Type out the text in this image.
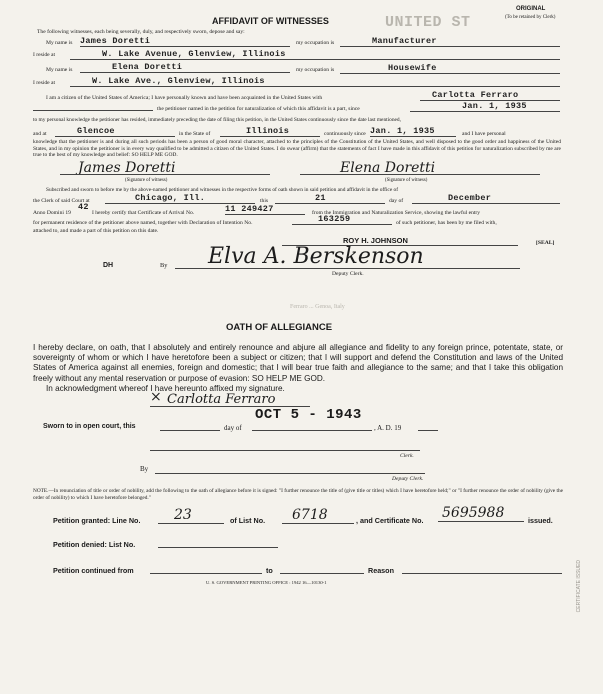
UNITED ST
ORIGINAL
(To be retained by Clerk)
AFFIDAVIT OF WITNESSES
The following witnesses, each being severally, duly, and respectively sworn, depose and say:
My name is James Doretti	my occupation is	Manufacturer
I reside at	W. Lake Avenue, Glenview, Illinois
My name is	Elena Doretti	my occupation is	Housewife
I reside at	W. Lake Ave., Glenview, Illinois
I am a citizen of the United States of America; I have personally known and have been acquainted in the United States with	Carlotta Ferraro
the petitioner named in the petition for naturalization of which this affidavit is a part, since	Jan. 1, 1935
to my personal knowledge the petitioner has resided, immediately preceding the date of filing this petition, in the United States continuously since the date last mentioned,
and at	Glencoe	in the State of	Illinois	continuously since Jan. 1, 1935	and I have personal
knowledge that the petitioner is and during all such periods has been a person of good moral character, attached to the principles of the Constitution of the United States, and well disposed to the good order and happiness of the United States, and in my opinion the petitioner is in every way qualified to be admitted a citizen of the United States. I do swear (affirm) that the statements of fact I have made in this affidavit of this petition for naturalization subscribed by me are true to the best of my knowledge and belief: SO HELP ME GOD.
James Doretti
(Signature of witness)
Elena Doretti
(Signature of witness)
Subscribed and sworn to before me by the above-named petitioner and witnesses in the respective forms of oath shown in said petition and affidavit in the office of
the Clerk of said Court at	Chicago, Ill.	this	21	day of	December
Anno Domini 19
42
I hereby certify that Certificate of Arrival No.	11 249427	from the Immigration and Naturalization Service, showing the lawful entry
for permanent residence of the petitioner above named, together with Declaration of Intention No.	163259	of such petitioner, has been by me filed with,
attached to, and made a part of this petition on this date.
ROY H. JOHNSON	[SEAL]
DH	By Elva A. Berskenson
Deputy Clerk.
Ferraro ... Genoa, Italy
OATH OF ALLEGIANCE
I hereby declare, on oath, that I absolutely and entirely renounce and abjure all allegiance and fidelity to any foreign prince, potentate, state, or sovereignty of whom or which I have heretofore been a subject or citizen; that I will support and defend the Constitution and laws of the United States of America against all enemies, foreign and domestic; that I will bear true faith and allegiance to the same; and that I take this obligation freely without any mental reservation or purpose of evasion: SO HELP ME GOD.
In acknowledgment whereof I have hereunto affixed my signature.
× Carlotta Ferraro
Sworn to in open court, this	day of
OCT 5 - 1943
, A. D. 19
Clerk.
By
Deputy Clerk.
NOTE.—In renunciation of title or order of nobility, add the following to the oath of allegiance before it is signed: "I further renounce the title of (give title or titles) which I have heretofore held;" or "I further renounce the order of nobility (give the order of nobility) to which I have heretofore belonged."
Petition granted: Line No.	23	of List No.	6718	, and Certificate No. 5695988	issued.
Petition denied: List No.
Petition continued from	to	Reason
U. S. GOVERNMENT PRINTING OFFICE : 1942 16—10130-1	CERTIFICATE ISSUED
